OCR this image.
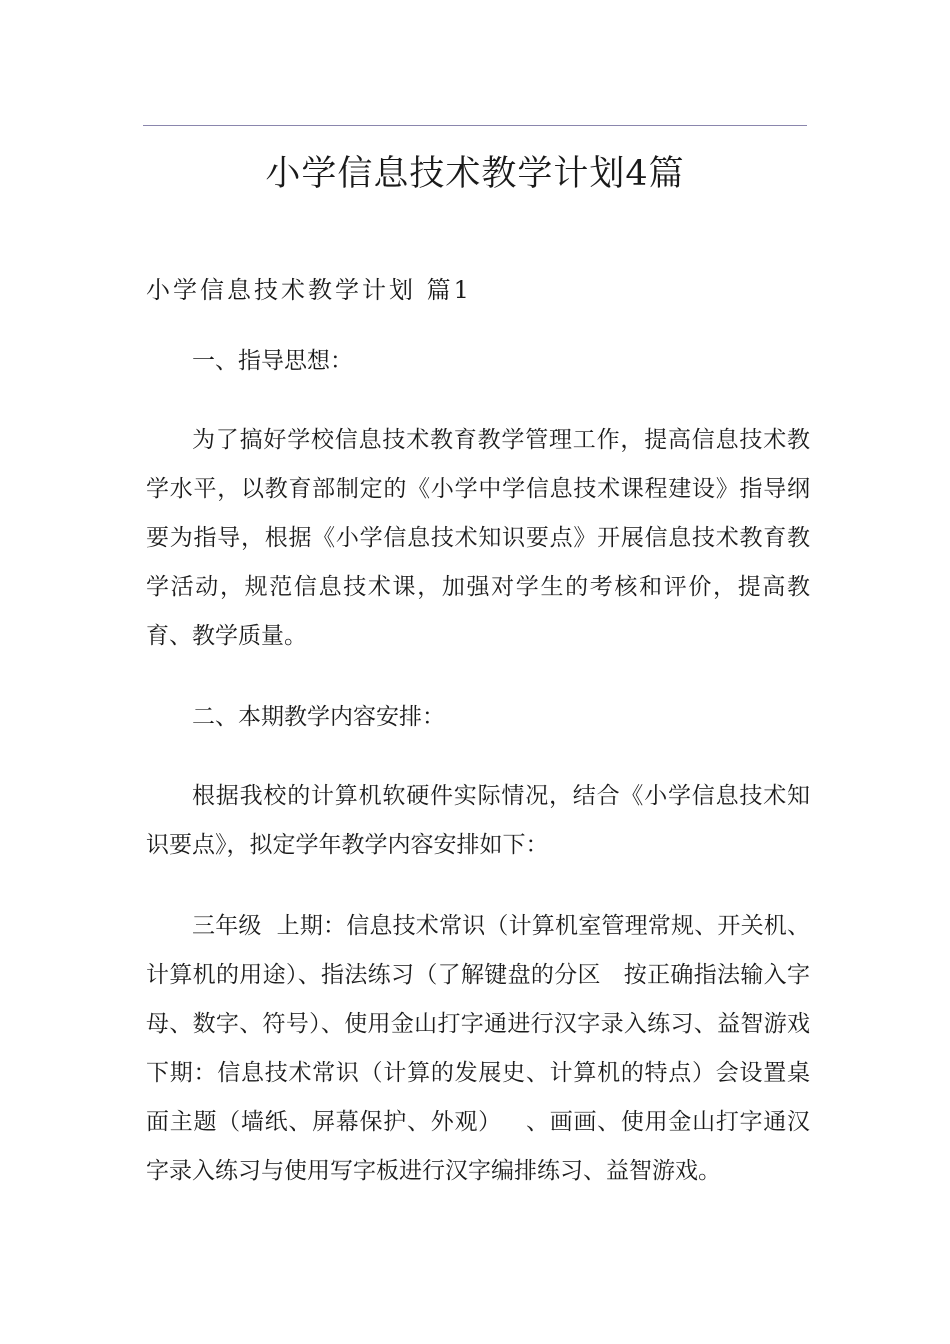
小学信息技术教学计划4篇
小学信息技术教学计划 篇1

一、指导思想：

为了搞好学校信息技术教育教学管理工作，提高信息技术教学水平，以教育部制定的《小学中学信息技术课程建设》指导纲要为指导，根据《小学信息技术知识要点》开展信息技术教育教学活动，规范信息技术课，加强对学生的考核和评价，提高教育、教学质量。

二、本期教学内容安排：

根据我校的计算机软硬件实际情况，结合《小学信息技术知识要点》，拟定学年教学内容安排如下：

三年级  上期：信息技术常识（计算机室管理常规、开关机、计算机的用途）、指法练习（了解键盘的分区   按正确指法输入字母、数字、符号）、使用金山打字通进行汉字录入练习、益智游戏  下期：信息技术常识（计算的发展史、计算机的特点）会设置桌面主题（墙纸、屏幕保护、外观）   、画画、使用金山打字通汉字录入练习与使用写字板进行汉字编排练习、益智游戏。
